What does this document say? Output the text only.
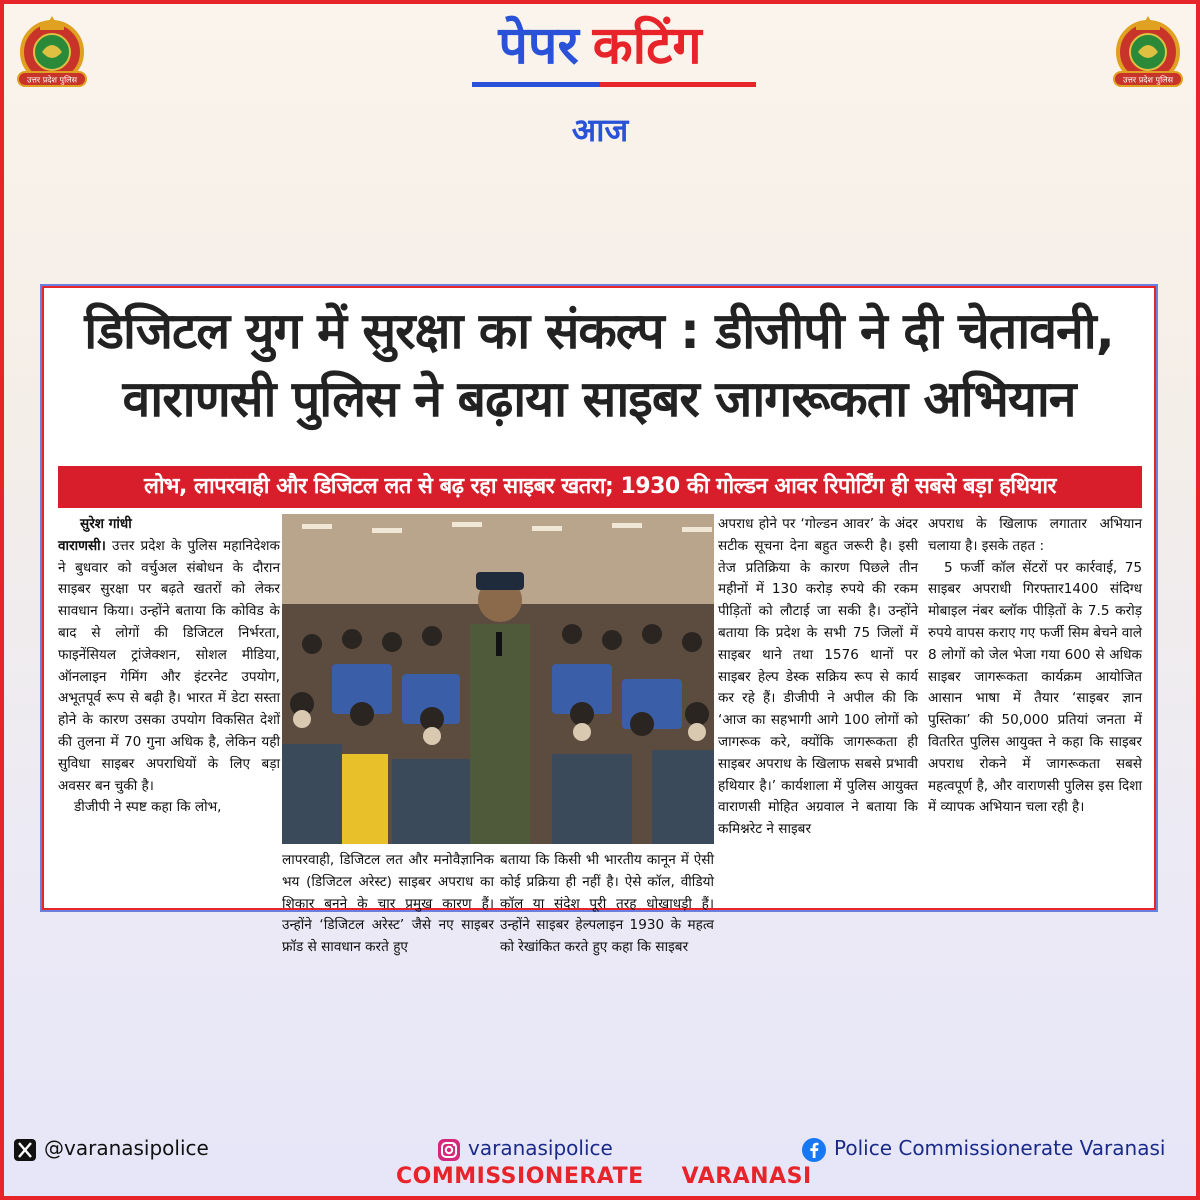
उत्तर प्रदेश पुलिस	उत्तर प्रदेश पुलिस
पेपर कटिंग
आज
डिजिटल युग में सुरक्षा का संकल्प : डीजीपी ने दी चेतावनी,
वाराणसी पुलिस ने बढ़ाया साइबर जागरूकता अभियान
लोभ, लापरवाही और डिजिटल लत से बढ़ रहा साइबर खतरा; 1930 की गोल्डन आवर रिपोर्टिंग ही सबसे बड़ा हथियार

सुरेश गांधी

वाराणसी। उत्तर प्रदेश के पुलिस महानिदेशक ने बुधवार को वर्चुअल संबोधन के दौरान साइबर सुरक्षा पर बढ़ते खतरों को लेकर सावधान किया। उन्होंने बताया कि कोविड के बाद से लोगों की डिजिटल निर्भरता, फाइनेंसियल ट्रांजेक्शन, सोशल मीडिया, ऑनलाइन गेमिंग और इंटरनेट उपयोग, अभूतपूर्व रूप से बढ़ी है। भारत में डेटा सस्ता होने के कारण उसका उपयोग विकसित देशों की तुलना में 70 गुना अधिक है, लेकिन यही सुविधा साइबर अपराधियों के लिए बड़ा अवसर बन चुकी है।

डीजीपी ने स्पष्ट कहा कि लोभ,

लापरवाही, डिजिटल लत और मनोवैज्ञानिक भय (डिजिटल अरेस्ट) साइबर अपराध का शिकार बनने के चार प्रमुख कारण हैं। उन्होंने ‘डिजिटल अरेस्ट’ जैसे नए साइबर फ्रॉड से सावधान करते हुए
बताया कि किसी भी भारतीय कानून में ऐसी कोई प्रक्रिया ही नहीं है। ऐसे कॉल, वीडियो कॉल या संदेश पूरी तरह धोखाधड़ी हैं। उन्होंने साइबर हेल्पलाइन 1930 के महत्व को रेखांकित करते हुए कहा कि साइबर
अपराध होने पर ‘गोल्डन आवर’ के अंदर सटीक सूचना देना बहुत जरूरी है। इसी तेज प्रतिक्रिया के कारण पिछले तीन महीनों में 130 करोड़ रुपये की रकम पीड़ितों को लौटाई जा सकी है। उन्होंने बताया कि प्रदेश के सभी 75 जिलों में साइबर थाने तथा 1576 थानों पर साइबर हेल्प डेस्क सक्रिय रूप से कार्य कर रहे हैं। डीजीपी ने अपील की कि ‘आज का सहभागी आगे 100 लोगों को जागरूक करे, क्योंकि जागरूकता ही साइबर अपराध के खिलाफ सबसे प्रभावी हथियार है।’ कार्यशाला में पुलिस आयुक्त वाराणसी मोहित अग्रवाल ने बताया कि कमिश्नरेट ने साइबर

अपराध के खिलाफ लगातार अभियान चलाया है। इसके तहत :

5 फर्जी कॉल सेंटरों पर कार्रवाई, 75 साइबर अपराधी गिरफ्तार1400 संदिग्ध मोबाइल नंबर ब्लॉक पीड़ितों के 7.5 करोड़ रुपये वापस कराए गए फर्जी सिम बेचने वाले 8 लोगों को जेल भेजा गया 600 से अधिक साइबर जागरूकता कार्यक्रम आयोजित आसान भाषा में तैयार ‘साइबर ज्ञान पुस्तिका’ की 50,000 प्रतियां जनता में वितरित पुलिस आयुक्त ने कहा कि साइबर अपराध रोकने में जागरूकता सबसे महत्वपूर्ण है, और वाराणसी पुलिस इस दिशा में व्यापक अभियान चला रही है।

@varanasipolice	varanasipolice	Police Commissionerate Varanasi
COMMISSIONERATE VARANASI
